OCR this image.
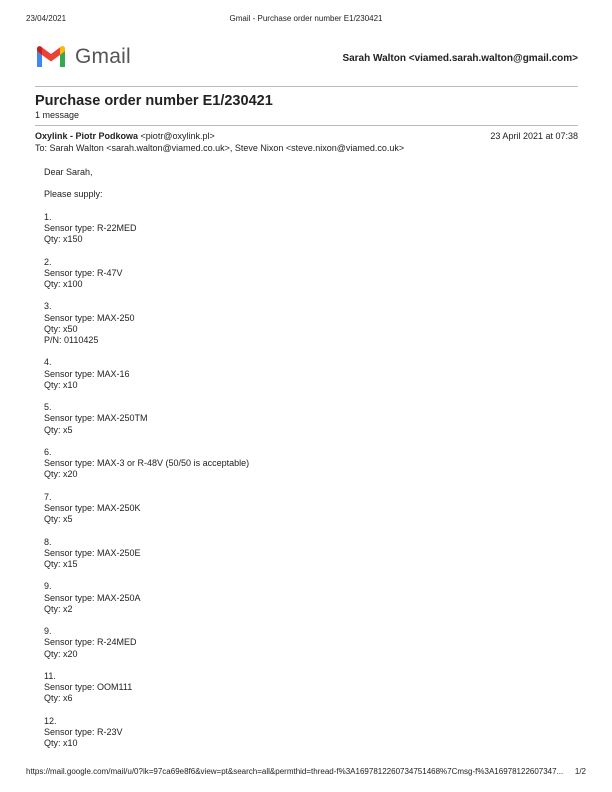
23/04/2021	Gmail - Purchase order number E1/230421
Gmail	Sarah Walton <viamed.sarah.walton@gmail.com>
Purchase order number E1/230421
1 message
Oxylink - Piotr Podkowa <piotr@oxylink.pl>	23 April 2021 at 07:38
To: Sarah Walton <sarah.walton@viamed.co.uk>, Steve Nixon <steve.nixon@viamed.co.uk>

Dear Sarah,

Please supply:

1.
Sensor type: R-22MED
Qty: x150
2.
Sensor type: R-47V
Qty: x100
3.
Sensor type: MAX-250
Qty: x50
P/N: 0110425
4.
Sensor type: MAX-16
Qty: x10
5.
Sensor type: MAX-250TM
Qty: x5
6.
Sensor type: MAX-3 or R-48V (50/50 is acceptable)
Qty: x20
7.
Sensor type: MAX-250K
Qty: x5
8.
Sensor type: MAX-250E
Qty: x15
9.
Sensor type: MAX-250A
Qty: x2
9.
Sensor type: R-24MED
Qty: x20
11.
Sensor type: OOM111
Qty: x6
12.
Sensor type: R-23V
Qty: x10
https://mail.google.com/mail/u/0?ik=97ca69e8f6&view=pt&search=all&permthid=thread-f%3A1697812260734751468%7Cmsg-f%3A16978122607347...	1/2
